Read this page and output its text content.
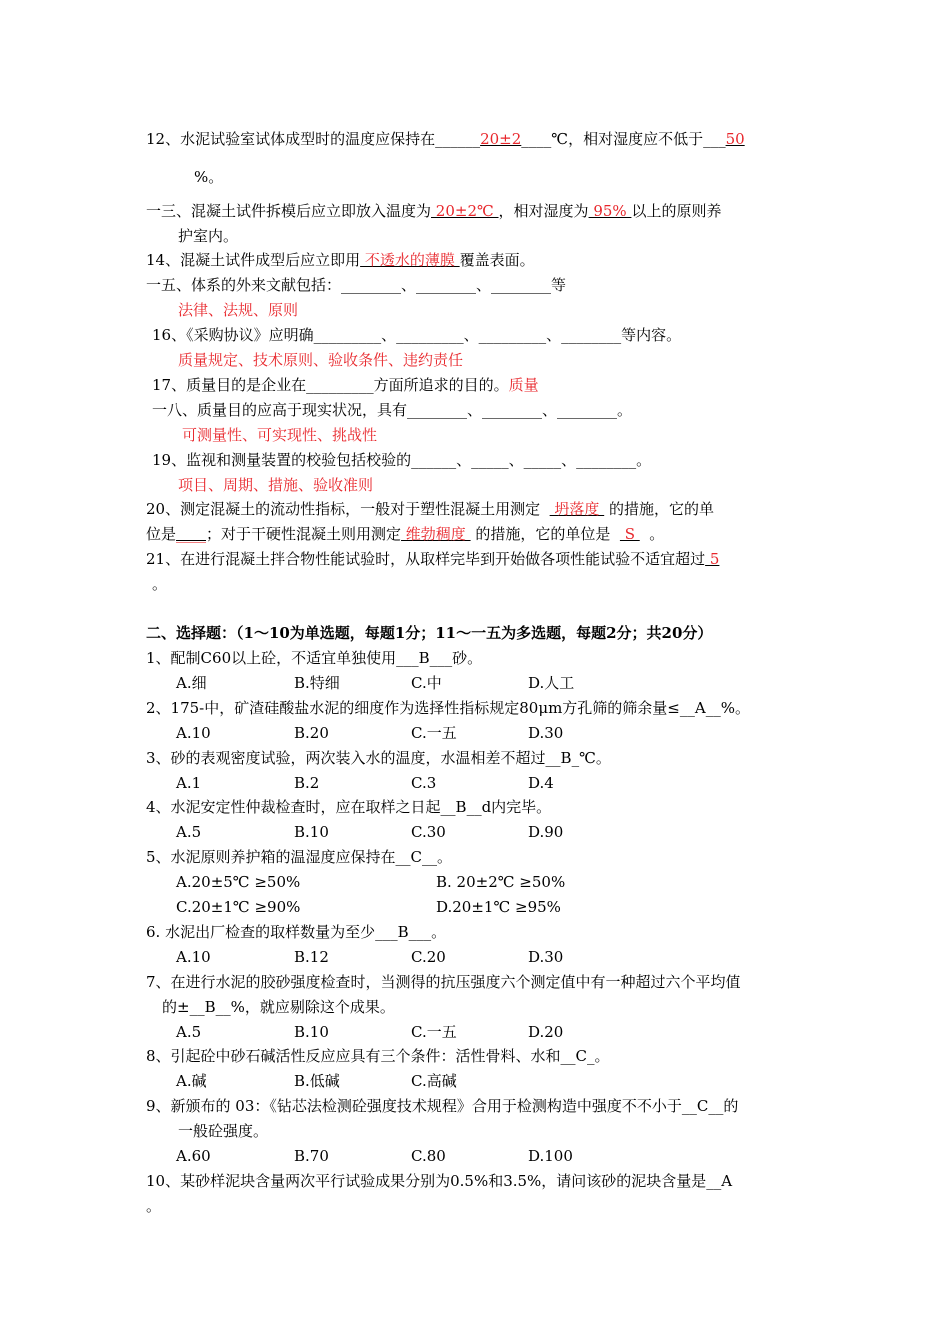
12、水泥试验室试体成型时的温度应保持在______20±2____℃，相对湿度应不低于___50
%。
一三、混凝土试件拆模后应立即放入温度为 20±2℃ ，相对湿度为 95% 以上的原则养
护室内。
14、混凝土试件成型后应立即用 不透水的薄膜 覆盖表面。
一五、体系的外来文献包括：________、________、________等
法律、法规、原则
16、《采购协议》应明确_________、_________、_________、________等内容。
质量规定、技术原则、验收条件、违约责任
17、质量目的是企业在_________方面所追求的目的。质量
一八、质量目的应高于现实状况，具有________、________、________。
可测量性、可实现性、挑战性
19、监视和测量装置的校验包括校验的______、_____、_____、________。
项目、周期、措施、验收准则
20、测定混凝土的流动性指标，一般对于塑性混凝土用测定   坍落度  的措施，它的单
位是____；对于干硬性混凝土则用测定 维勃稠度  的措施，它的单位是   S   。
21、在进行混凝土拌合物性能试验时，从取样完毕到开始做各项性能试验不适宜超过 5
。
二、选择题：（1～10为单选题，每题1分；11～一五为多选题，每题2分；共20分）
1、配制C60以上砼，不适宜单独使用___B___砂。
A.细	B.特细	C.中	D.人工
2、175-中，矿渣硅酸盐水泥的细度作为选择性指标规定80μm方孔筛的筛余量≤__A__%。
A.10	B.20	C.一五	D.30
3、砂的表观密度试验，两次装入水的温度，水温相差不超过__B_℃。
A.1	B.2	C.3	D.4
4、水泥安定性仲裁检查时，应在取样之日起__B__d内完毕。
A.5	B.10	C.30	D.90
5、水泥原则养护箱的温湿度应保持在__C__。
A.20±5℃ ≥50%	B. 20±2℃ ≥50%
C.20±1℃ ≥90%	D.20±1℃ ≥95%
6. 水泥出厂检查的取样数量为至少___B___。
A.10	B.12	C.20	D.30
7、在进行水泥的胶砂强度检查时，当测得的抗压强度六个测定值中有一种超过六个平均值
的±__B__%，就应剔除这个成果。
A.5	B.10	C.一五	D.20
8、引起砼中砂石碱活性反应应具有三个条件：活性骨料、水和__C_。
A.碱	B.低碱	C.高碱
9、新颁布的 03：《钻芯法检测砼强度技术规程》合用于检测构造中强度不不小于__C__的
一般砼强度。
A.60	B.70	C.80	D.100
10、某砂样泥块含量两次平行试验成果分别为0.5%和3.5%，请问该砂的泥块含量是__A
。
